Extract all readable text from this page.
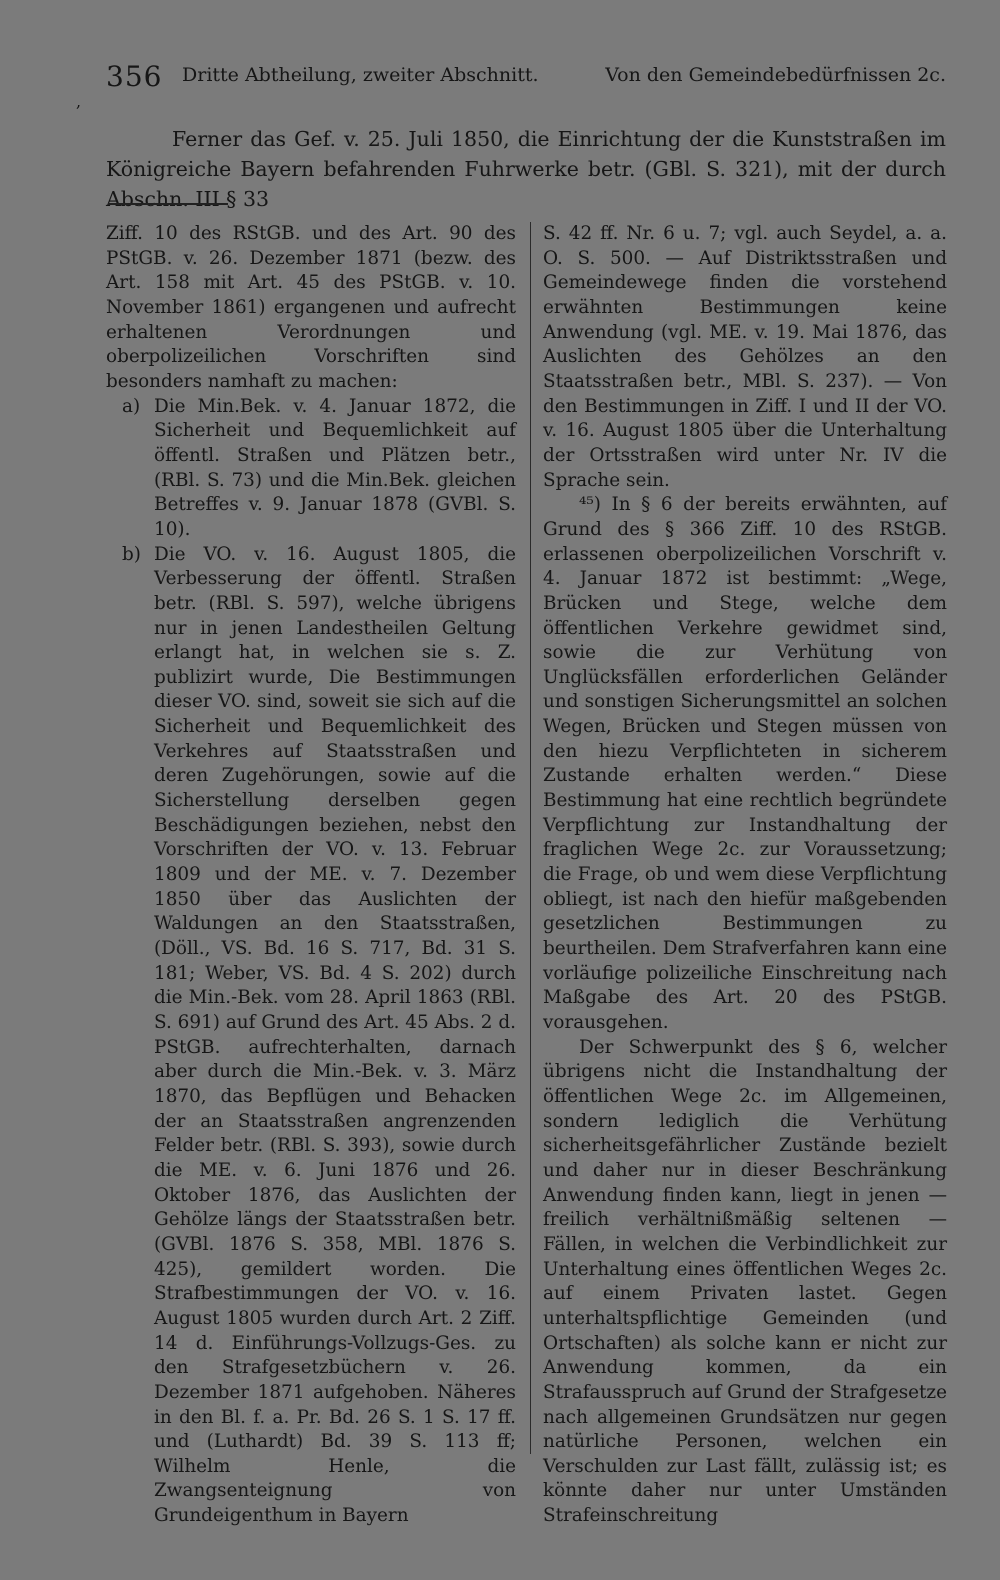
,
356 Dritte Abtheilung, zweiter Abschnitt.	Von den Gemeindebedürfnissen 2c.

Ferner das Gef. v. 25. Juli 1850, die Einrichtung der die Kunststraßen im Königreiche Bayern befahrenden Fuhrwerke betr. (GBl. S. 321), mit der durch Abschn. III § 33

Ziff. 10 des RStGB. und des Art. 90 des PStGB. v. 26. Dezember 1871 (bezw. des Art. 158 mit Art. 45 des PStGB. v. 10. November 1861) ergangenen und aufrecht erhaltenen Verordnungen und oberpolizeilichen Vorschriften sind besonders namhaft zu machen:

a) Die Min.Bek. v. 4. Januar 1872, die Sicherheit und Bequemlichkeit auf öffentl. Straßen und Plätzen betr., (RBl. S. 73) und die Min.Bek. gleichen Betreffes v. 9. Januar 1878 (GVBl. S. 10).

b) Die VO. v. 16. August 1805, die Verbesserung der öffentl. Straßen betr. (RBl. S. 597), welche übrigens nur in jenen Landestheilen Geltung erlangt hat, in welchen sie s. Z. publizirt wurde, Die Bestimmungen dieser VO. sind, soweit sie sich auf die Sicherheit und Bequemlichkeit des Verkehres auf Staatsstraßen und deren Zugehörungen, sowie auf die Sicherstellung derselben gegen Beschädigungen beziehen, nebst den Vorschriften der VO. v. 13. Februar 1809 und der ME. v. 7. Dezember 1850 über das Auslichten der Waldungen an den Staatsstraßen, (Döll., VS. Bd. 16 S. 717, Bd. 31 S. 181; Weber, VS. Bd. 4 S. 202) durch die Min.-Bek. vom 28. April 1863 (RBl. S. 691) auf Grund des Art. 45 Abs. 2 d. PStGB. aufrechterhalten, darnach aber durch die Min.-Bek. v. 3. März 1870, das Bepflügen und Behacken der an Staatsstraßen angrenzenden Felder betr. (RBl. S. 393), sowie durch die ME. v. 6. Juni 1876 und 26. Oktober 1876, das Auslichten der Gehölze längs der Staatsstraßen betr. (GVBl. 1876 S. 358, MBl. 1876 S. 425), gemildert worden. Die Strafbestimmungen der VO. v. 16. August 1805 wurden durch Art. 2 Ziff. 14 d. Einführungs-Vollzugs-Ges. zu den Strafgesetzbüchern v. 26. Dezember 1871 aufgehoben. Näheres in den Bl. f. a. Pr. Bd. 26 S. 1 S. 17 ff. und (Luthardt) Bd. 39 S. 113 ff; Wilhelm Henle, die Zwangsenteignung von Grundeigenthum in Bayern

S. 42 ff. Nr. 6 u. 7; vgl. auch Seydel, a. a. O. S. 500. — Auf Distriktsstraßen und Gemeindewege finden die vorstehend erwähnten Bestimmungen keine Anwendung (vgl. ME. v. 19. Mai 1876, das Auslichten des Gehölzes an den Staatsstraßen betr., MBl. S. 237). — Von den Bestimmungen in Ziff. I und II der VO. v. 16. August 1805 über die Unterhaltung der Ortsstraßen wird unter Nr. IV die Sprache sein.

⁴⁵) In § 6 der bereits erwähnten, auf Grund des § 366 Ziff. 10 des RStGB. erlassenen oberpolizeilichen Vorschrift v. 4. Januar 1872 ist bestimmt: „Wege, Brücken und Stege, welche dem öffentlichen Verkehre gewidmet sind, sowie die zur Verhütung von Unglücksfällen erforderlichen Geländer und sonstigen Sicherungsmittel an solchen Wegen, Brücken und Stegen müssen von den hiezu Verpflichteten in sicherem Zustande erhalten werden.“ Diese Bestimmung hat eine rechtlich begründete Verpflichtung zur Instandhaltung der fraglichen Wege 2c. zur Voraussetzung; die Frage, ob und wem diese Verpflichtung obliegt, ist nach den hiefür maßgebenden gesetzlichen Bestimmungen zu beurtheilen. Dem Strafverfahren kann eine vorläufige polizeiliche Einschreitung nach Maßgabe des Art. 20 des PStGB. vorausgehen.

Der Schwerpunkt des § 6, welcher übrigens nicht die Instandhaltung der öffentlichen Wege 2c. im Allgemeinen, sondern lediglich die Verhütung sicherheitsgefährlicher Zustände bezielt und daher nur in dieser Beschränkung Anwendung finden kann, liegt in jenen — freilich verhältnißmäßig seltenen — Fällen, in welchen die Verbindlichkeit zur Unterhaltung eines öffentlichen Weges 2c. auf einem Privaten lastet. Gegen unterhaltspflichtige Gemeinden (und Ortschaften) als solche kann er nicht zur Anwendung kommen, da ein Strafausspruch auf Grund der Strafgesetze nach allgemeinen Grundsätzen nur gegen natürliche Personen, welchen ein Verschulden zur Last fällt, zulässig ist; es könnte daher nur unter Umständen Strafeinschreitung
